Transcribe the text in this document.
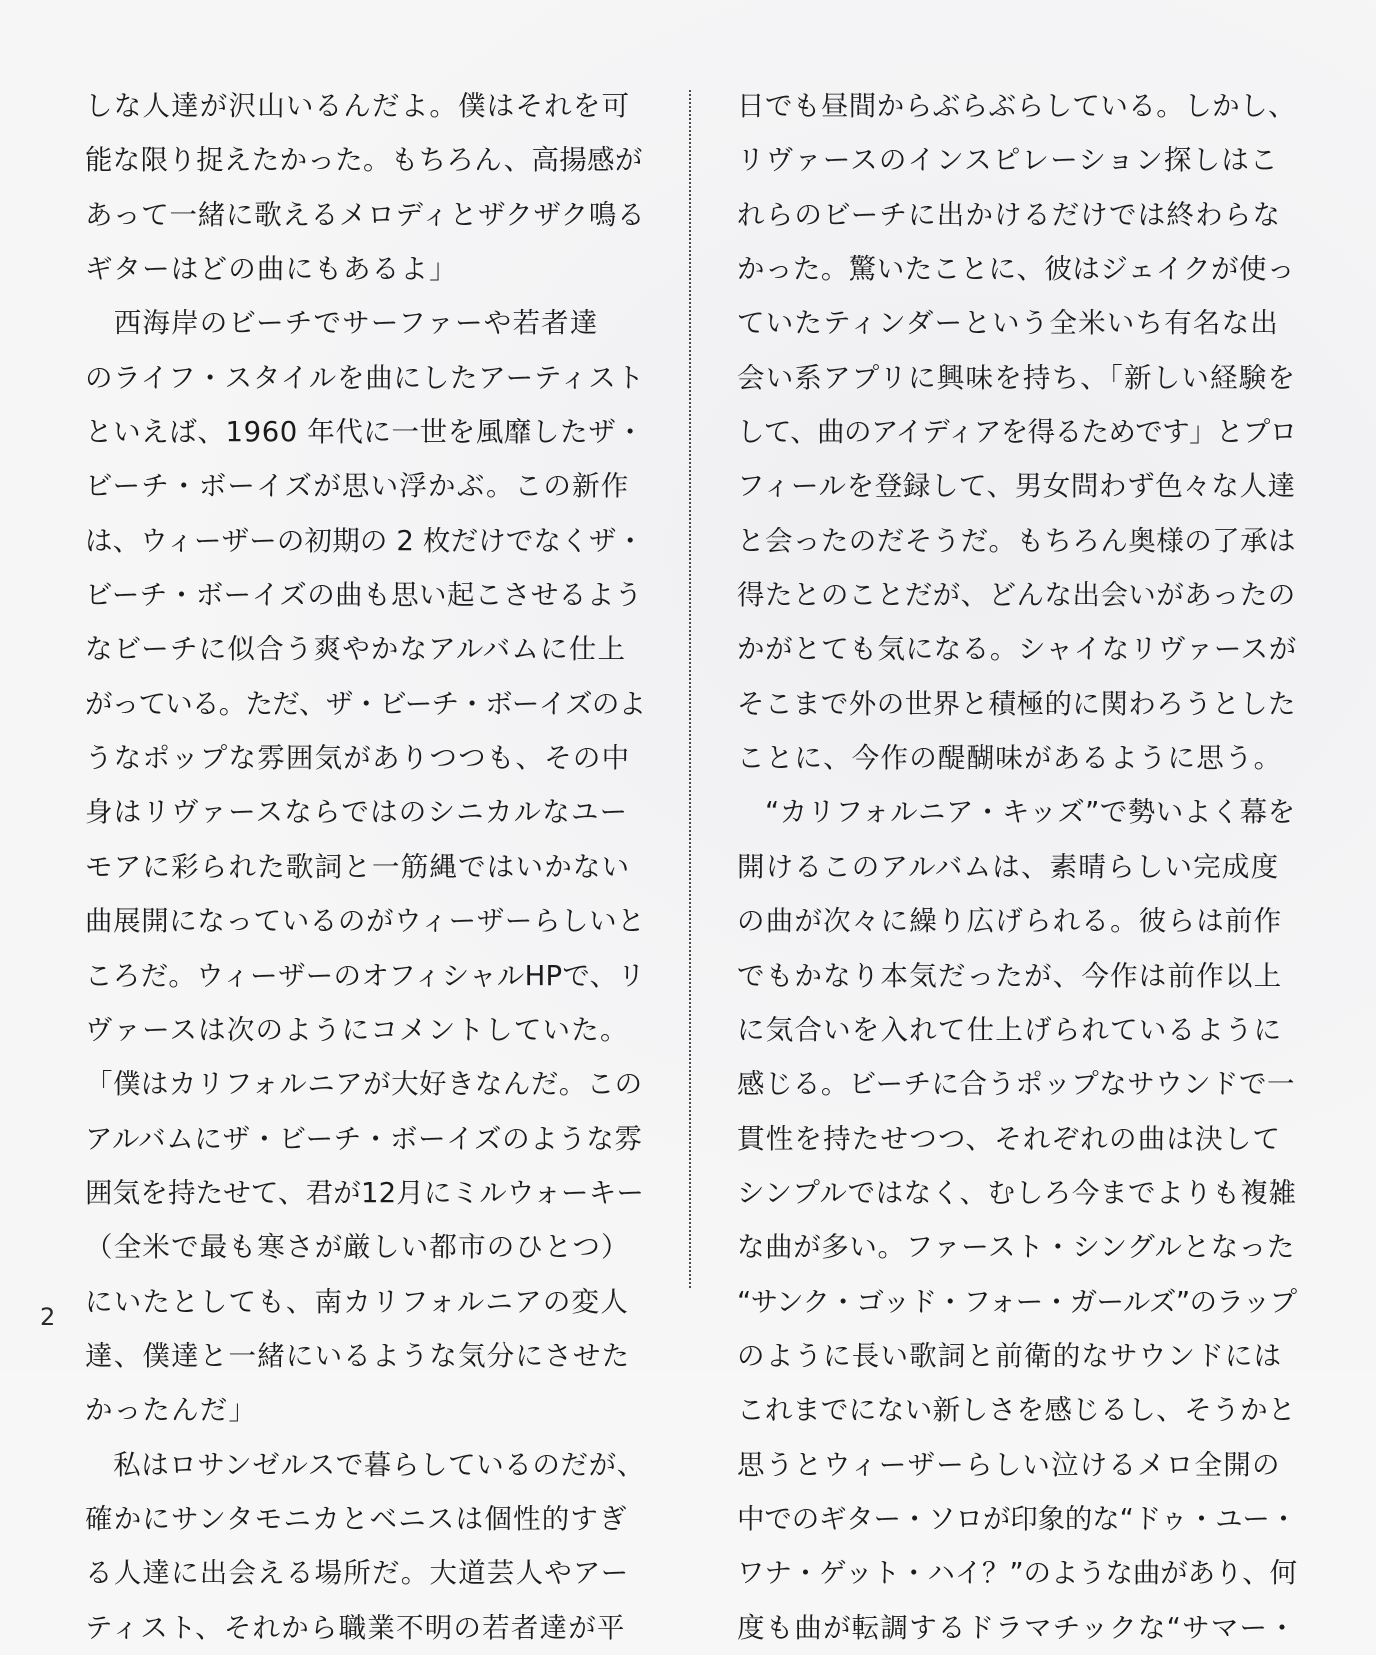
しな人達が沢山いるんだよ。僕はそれを可
能な限り捉えたかった。もちろん、高揚感が
あって一緒に歌えるメロディとザクザク鳴る
ギターはどの曲にもあるよ」
　西海岸のビーチでサーファーや若者達
のライフ・スタイルを曲にしたアーティスト
といえば、1960 年代に一世を風靡したザ・
ビーチ・ボーイズが思い浮かぶ。この新作
は、ウィーザーの初期の 2 枚だけでなくザ・
ビーチ・ボーイズの曲も思い起こさせるよう
なビーチに似合う爽やかなアルバムに仕上
がっている。ただ、ザ・ビーチ・ボーイズのよ
うなポップな雰囲気がありつつも、その中
身はリヴァースならではのシニカルなユー
モアに彩られた歌詞と一筋縄ではいかない
曲展開になっているのがウィーザーらしいと
ころだ。ウィーザーのオフィシャルHPで、リ
ヴァースは次のようにコメントしていた。
「僕はカリフォルニアが大好きなんだ。この
アルバムにザ・ビーチ・ボーイズのような雰
囲気を持たせて、君が12月にミルウォーキー
（全米で最も寒さが厳しい都市のひとつ）
にいたとしても、南カリフォルニアの変人
達、僕達と一緒にいるような気分にさせた
かったんだ」
　私はロサンゼルスで暮らしているのだが、
確かにサンタモニカとベニスは個性的すぎ
る人達に出会える場所だ。大道芸人やアー
ティスト、それから職業不明の若者達が平
日でも昼間からぶらぶらしている。しかし、
リヴァースのインスピレーション探しはこ
れらのビーチに出かけるだけでは終わらな
かった。驚いたことに、彼はジェイクが使っ
ていたティンダーという全米いち有名な出
会い系アプリに興味を持ち、「新しい経験を
して、曲のアイディアを得るためです」とプロ
フィールを登録して、男女問わず色々な人達
と会ったのだそうだ。もちろん奥様の了承は
得たとのことだが、どんな出会いがあったの
かがとても気になる。シャイなリヴァースが
そこまで外の世界と積極的に関わろうとした
ことに、今作の醍醐味があるように思う。
　“カリフォルニア・キッズ”で勢いよく幕を
開けるこのアルバムは、素晴らしい完成度
の曲が次々に繰り広げられる。彼らは前作
でもかなり本気だったが、今作は前作以上
に気合いを入れて仕上げられているように
感じる。ビーチに合うポップなサウンドで一
貫性を持たせつつ、それぞれの曲は決して
シンプルではなく、むしろ今までよりも複雑
な曲が多い。ファースト・シングルとなった
“サンク・ゴッド・フォー・ガールズ”のラップ
のように長い歌詞と前衛的なサウンドには
これまでにない新しさを感じるし、そうかと
思うとウィーザーらしい泣けるメロ全開の
中でのギター・ソロが印象的な“ドゥ・ユー・
ワナ・ゲット・ハイ？”のような曲があり、何
度も曲が転調するドラマチックな“サマー・
2
